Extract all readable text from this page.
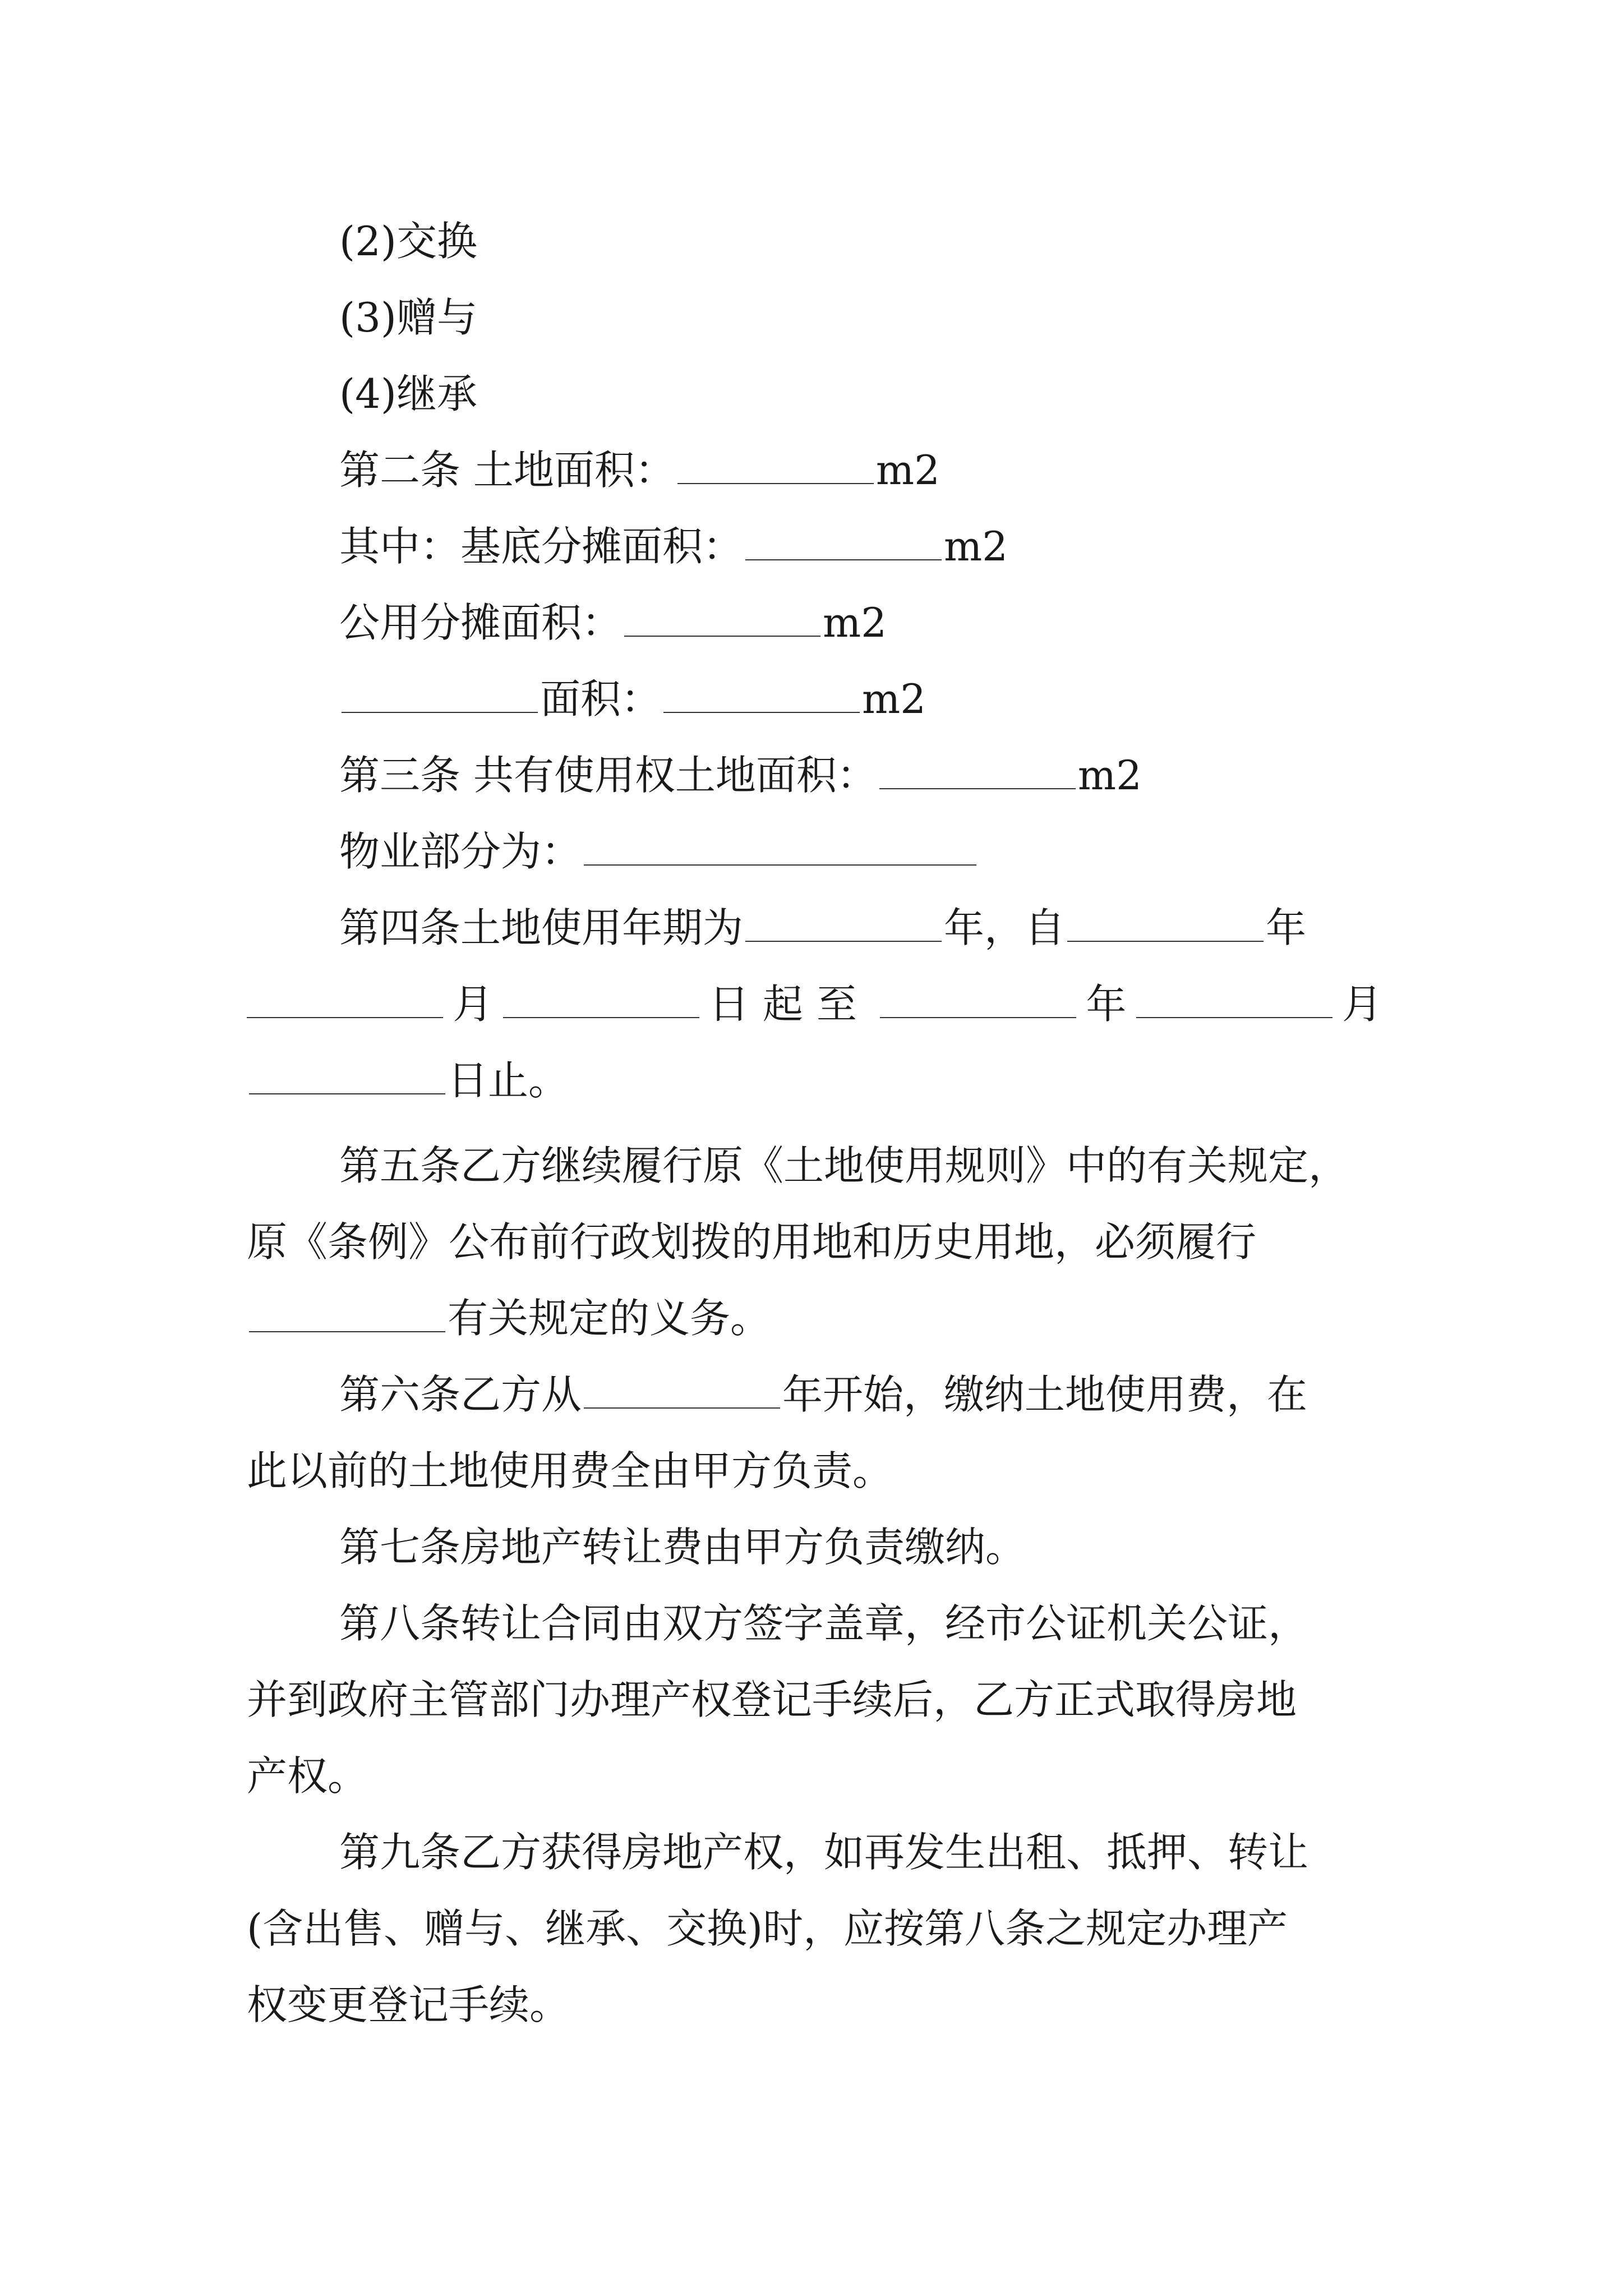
(2)交换
(3)赠与
(4)继承
第二条 土地面积：	m2
其中：基底分摊面积：	m2
公用分摊面积：	m2
面积：	m2
第三条 共有使用权土地面积：	m2
物业部分为：
第四条土地使用年期为	年，自	年
月	日起至	年	月
日止。
第五条乙方继续履行原《土地使用规则》中的有关规定，
原《条例》公布前行政划拨的用地和历史用地，必须履行
有关规定的义务。
第六条乙方从	年开始，缴纳土地使用费，在
此以前的土地使用费全由甲方负责。
第七条房地产转让费由甲方负责缴纳。
第八条转让合同由双方签字盖章，经市公证机关公证，
并到政府主管部门办理产权登记手续后，乙方正式取得房地
产权。
第九条乙方获得房地产权，如再发生出租、抵押、转让
(含出售、赠与、继承、交换)时，应按第八条之规定办理产
权变更登记手续。
